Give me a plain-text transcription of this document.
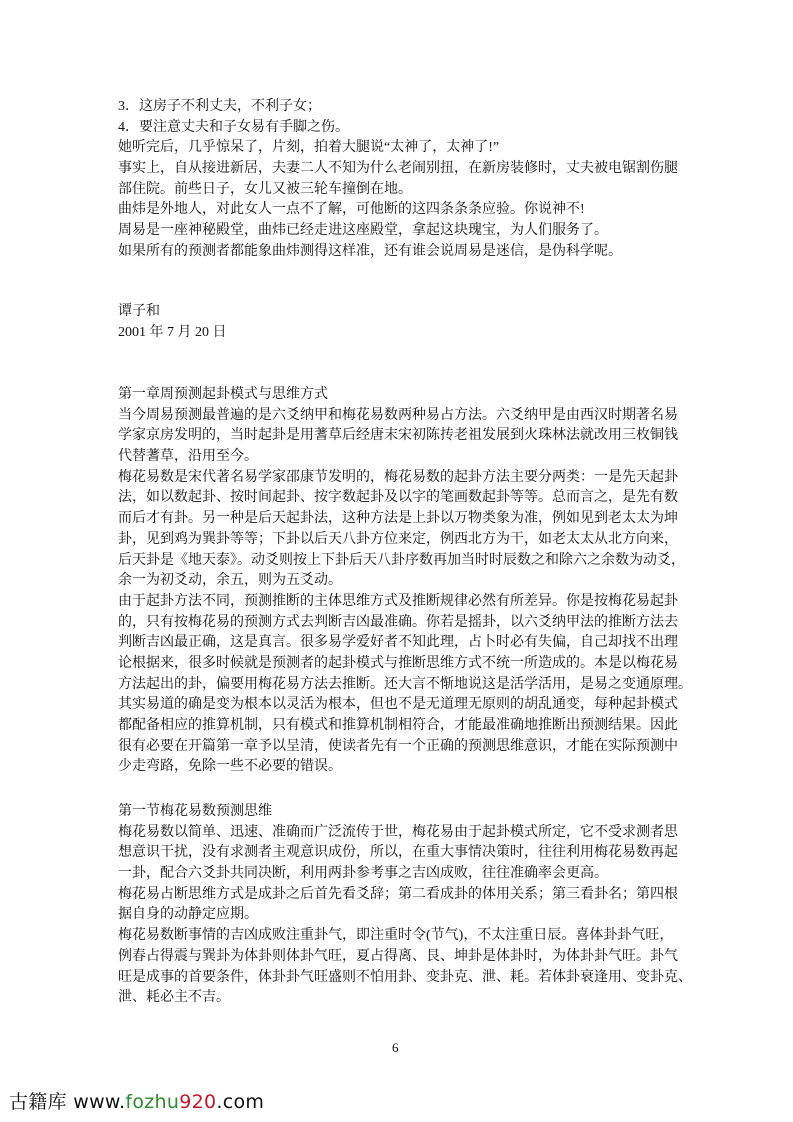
3．这房子不利丈夫，不利子女；
4．要注意丈夫和子女易有手脚之伤。
她听完后，几乎惊呆了，片刻，拍着大腿说“太神了，太神了!”
事实上，自从接进新居，夫妻二人不知为什么老闹别扭，在新房装修时，丈夫被电锯割伤腿
部住院。前些日子，女儿又被三轮车撞倒在地。
曲炜是外地人，对此女人一点不了解，可他断的这四条条条应验。你说神不!
周易是一座神秘殿堂，曲炜已经走进这座殿堂，拿起这块瑰宝，为人们服务了。
如果所有的预测者都能象曲炜测得这样准，还有谁会说周易是迷信，是伪科学呢。
谭子和
2001 年 7 月 20 日
第一章周预测起卦模式与思维方式
当今周易预测最普遍的是六爻纳甲和梅花易数两种易占方法。六爻纳甲是由西汉时期著名易
学家京房发明的，当时起卦是用蓍草后经唐末宋初陈抟老祖发展到火珠林法就改用三枚铜钱
代替蓍草，沿用至今。
梅花易数是宋代著名易学家邵康节发明的，梅花易数的起卦方法主要分两类：一是先天起卦
法，如以数起卦、按时间起卦、按字数起卦及以字的笔画数起卦等等。总而言之，是先有数
而后才有卦。另一种是后天起卦法，这种方法是上卦以万物类象为准，例如见到老太太为坤
卦，见到鸡为巽卦等等；下卦以后天八卦方位来定，例西北方为干，如老太太从北方向来，
后天卦是《地天泰》。动爻则按上下卦后天八卦序数再加当时时辰数之和除六之余数为动爻，
余一为初爻动，余五，则为五爻动。
由于起卦方法不同，预测推断的主体思维方式及推断规律必然有所差异。你是按梅花易起卦
的，只有按梅花易的预测方式去判断吉凶最准确。你若是摇卦，以六爻纳甲法的推断方法去
判断吉凶最正确，这是真言。很多易学爱好者不知此理，占卜时必有失偏，自己却找不出理
论根据来，很多时候就是预测者的起卦模式与推断思维方式不统一所造成的。本是以梅花易
方法起出的卦，偏要用梅花易方法去推断。还大言不惭地说这是活学活用，是易之变通原理。
其实易道的确是变为根本以灵活为根本，但也不是无道理无原则的胡乱通变，每种起卦模式
都配备相应的推算机制，只有模式和推算机制相符合，才能最准确地推断出预测结果。因此
很有必要在开篇第一章予以呈清，使读者先有一个正确的预测思维意识，才能在实际预测中
少走弯路，免除一些不必要的错误。
第一节梅花易数预测思维
梅花易数以简单、迅速、准确而广泛流传于世，梅花易由于起卦模式所定，它不受求测者思
想意识干扰，没有求测者主观意识成份，所以，在重大事情决策时，往往利用梅花易数再起
一卦，配合六爻卦共同决断，利用两卦参考事之吉凶成败，往往准确率会更高。
梅花易占断思维方式是成卦之后首先看爻辞；第二看成卦的体用关系；第三看卦名；第四根
据自身的动静定应期。
梅花易数断事情的吉凶成败注重卦气，即注重时令(节气)，不太注重日辰。喜体卦卦气旺，
例春占得震与巽卦为体卦则体卦气旺，夏占得离、艮、坤卦是体卦时，为体卦卦气旺。卦气
旺是成事的首要条件，体卦卦气旺盛则不怕用卦、变卦克、泄、耗。若体卦衰逢用、变卦克、
泄、耗必主不吉。
6
古籍库 www.fozhu920.com
